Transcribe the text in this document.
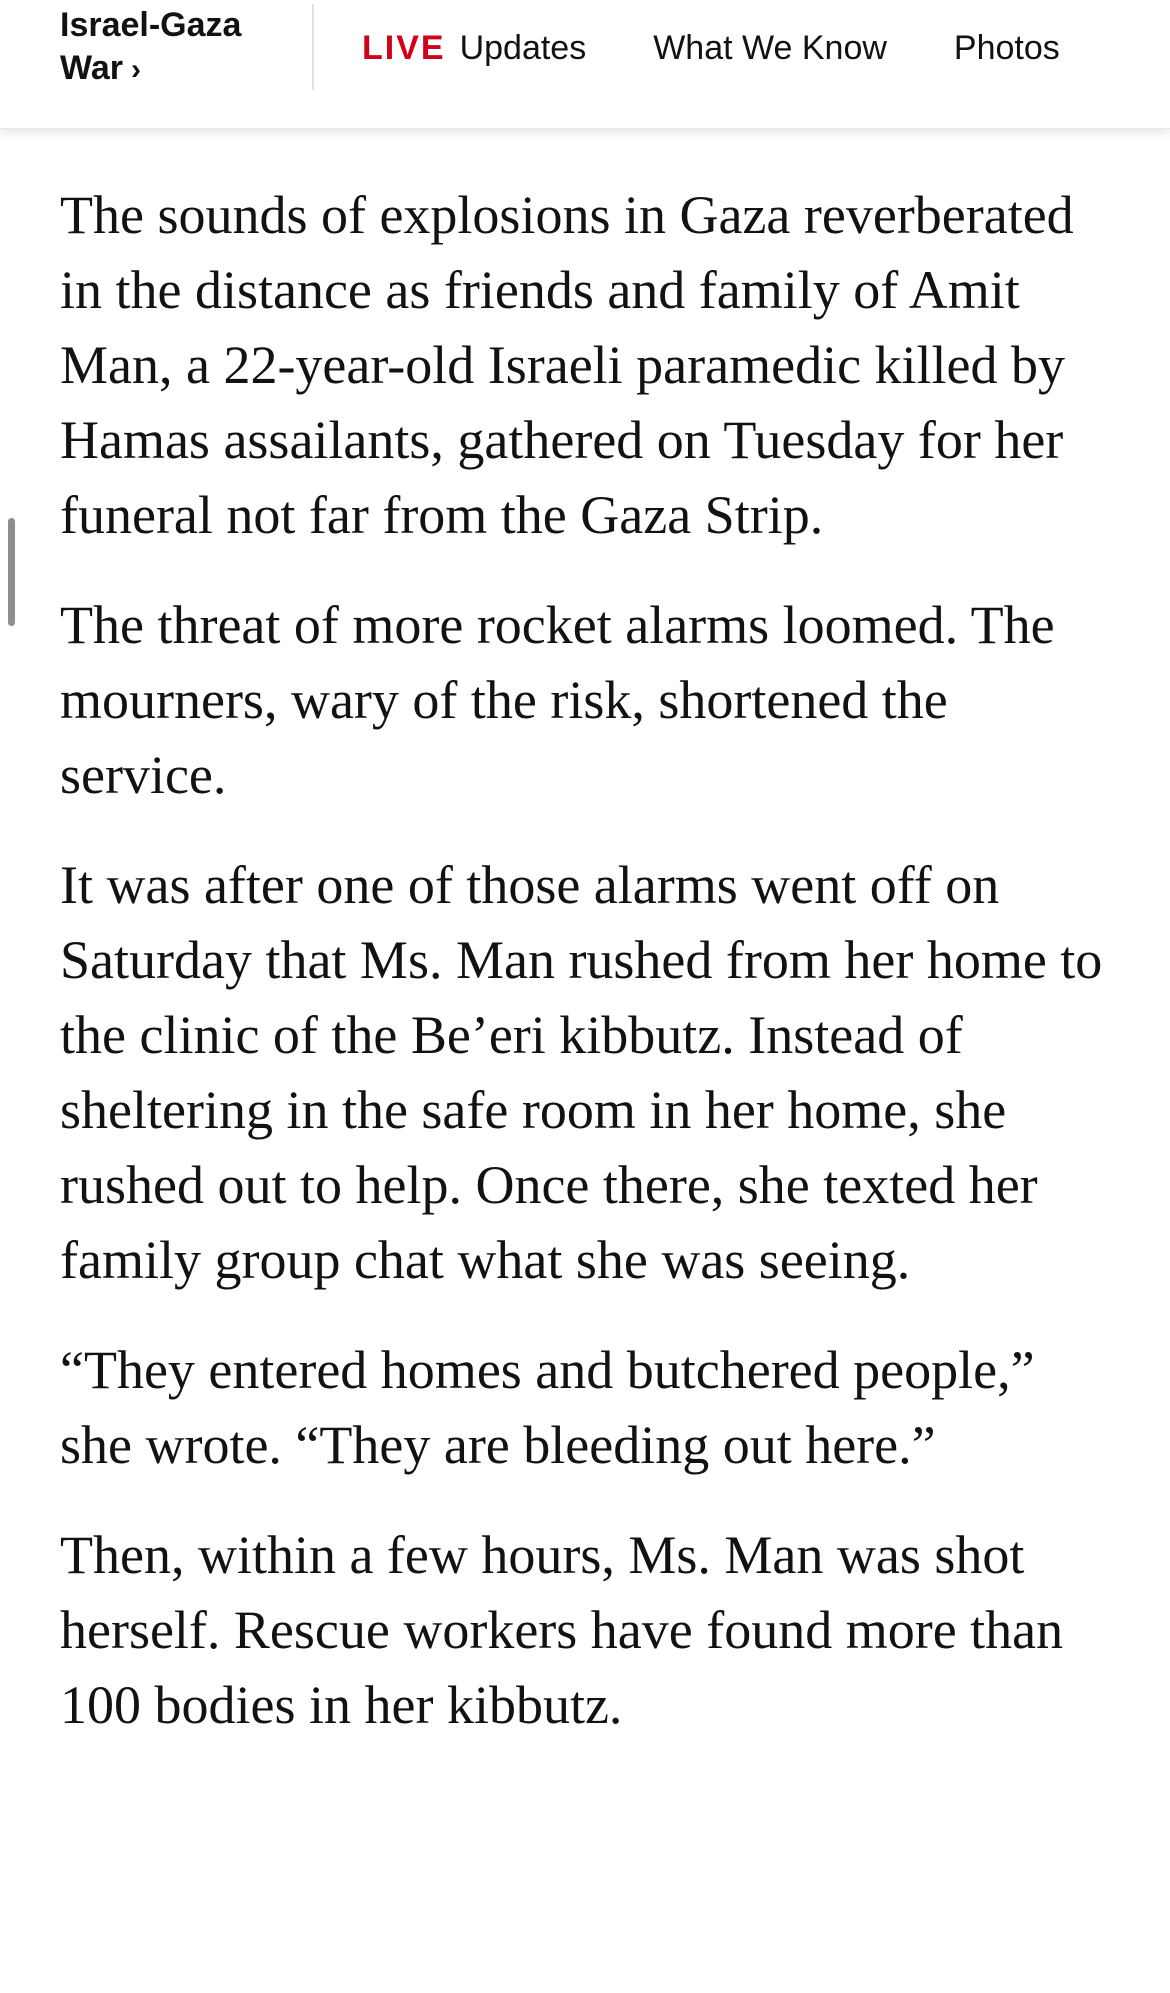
Israel-Gaza
War ›
LIVE Updates What We Know Photos

The sounds of explosions in Gaza reverberated in the distance as friends and family of Amit Man, a 22-year-old Israeli paramedic killed by Hamas assailants, gathered on Tuesday for her funeral not far from the Gaza Strip.

The threat of more rocket alarms loomed. The mourners, wary of the risk, shortened the service.

It was after one of those alarms went off on Saturday that Ms. Man rushed from her home to the clinic of the Be’eri kibbutz. Instead of sheltering in the safe room in her home, she rushed out to help. Once there, she texted her family group chat what she was seeing.

“They entered homes and butchered people,” she wrote. “They are bleeding out here.”

Then, within a few hours, Ms. Man was shot herself. Rescue workers have found more than 100 bodies in her kibbutz.
